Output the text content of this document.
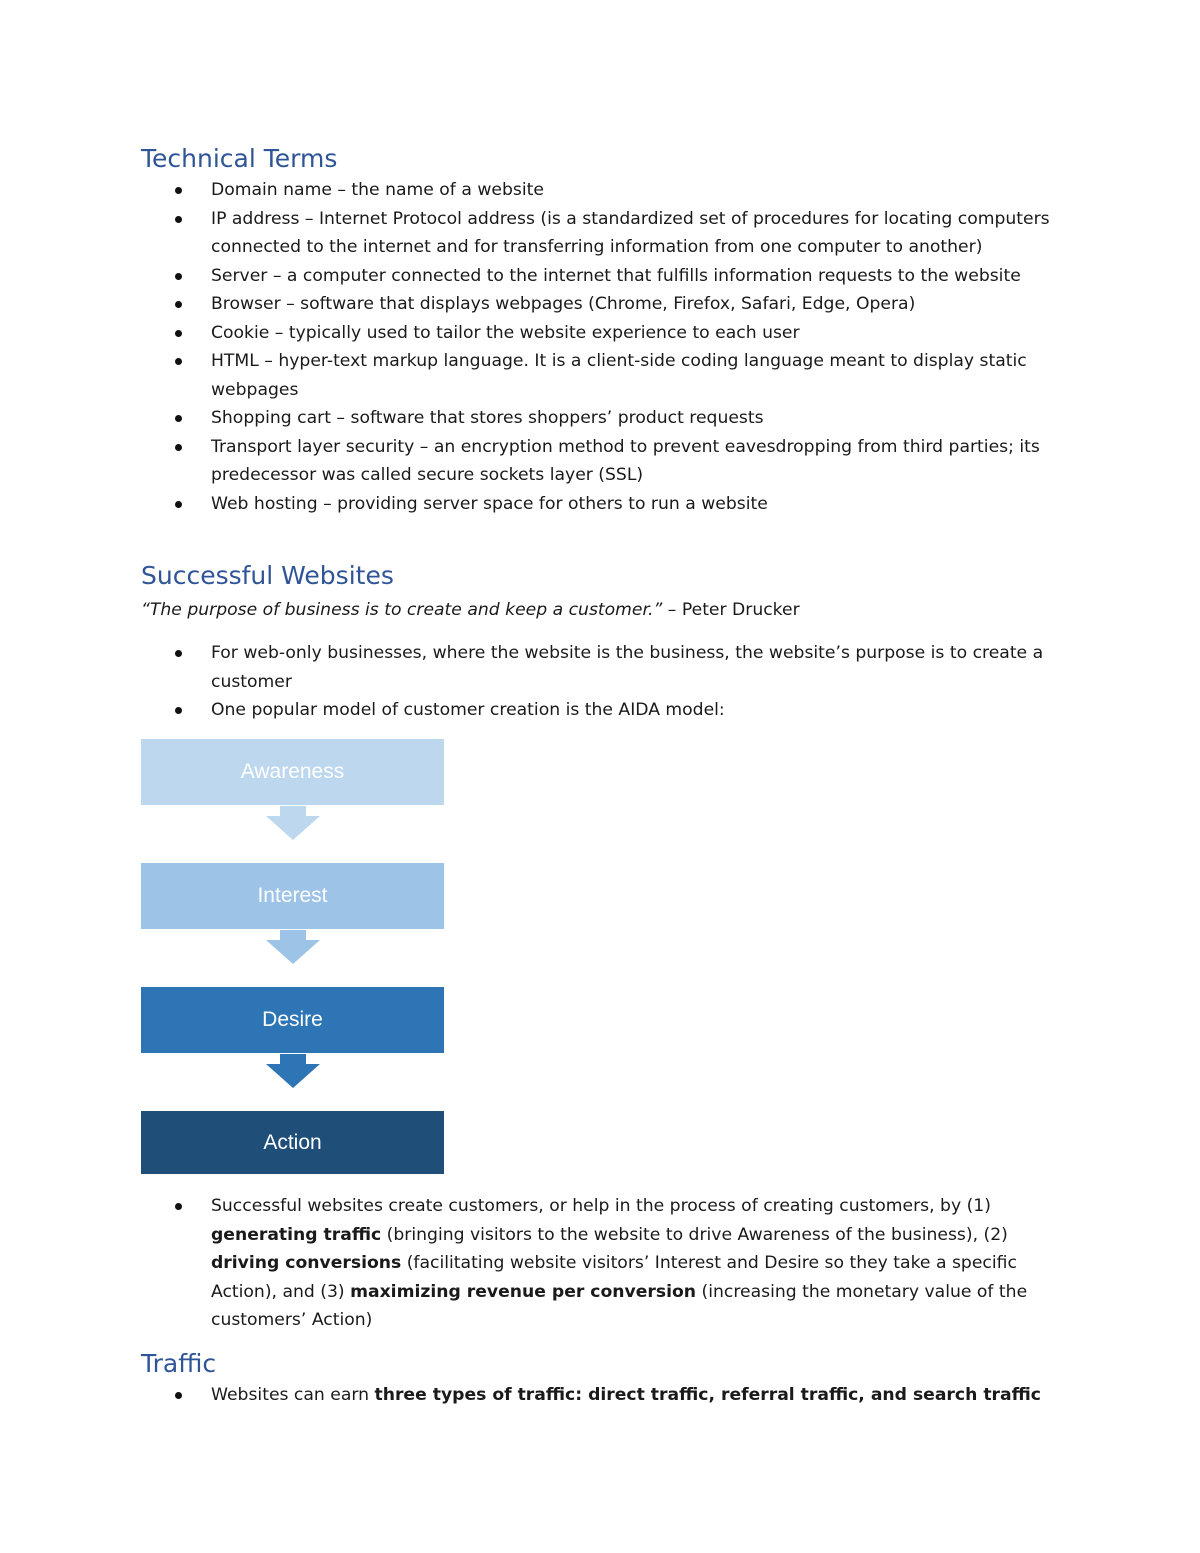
Technical Terms
Domain name – the name of a website
IP address – Internet Protocol address (is a standardized set of procedures for locating computers connected to the internet and for transferring information from one computer to another)
Server – a computer connected to the internet that fulfills information requests to the website
Browser – software that displays webpages (Chrome, Firefox, Safari, Edge, Opera)
Cookie – typically used to tailor the website experience to each user
HTML – hyper-text markup language. It is a client-side coding language meant to display static webpages
Shopping cart – software that stores shoppers’ product requests
Transport layer security – an encryption method to prevent eavesdropping from third parties; its predecessor was called secure sockets layer (SSL)
Web hosting – providing server space for others to run a website
Successful Websites
“The purpose of business is to create and keep a customer.” – Peter Drucker
For web-only businesses, where the website is the business, the website’s purpose is to create a customer
One popular model of customer creation is the AIDA model:
Awareness
Interest
Desire
Action
Successful websites create customers, or help in the process of creating customers, by (1) generating traffic (bringing visitors to the website to drive Awareness of the business), (2) driving conversions (facilitating website visitors’ Interest and Desire so they take a specific Action), and (3) maximizing revenue per conversion (increasing the monetary value of the customers’ Action)
Traffic
Websites can earn three types of traffic: direct traffic, referral traffic, and search traffic
